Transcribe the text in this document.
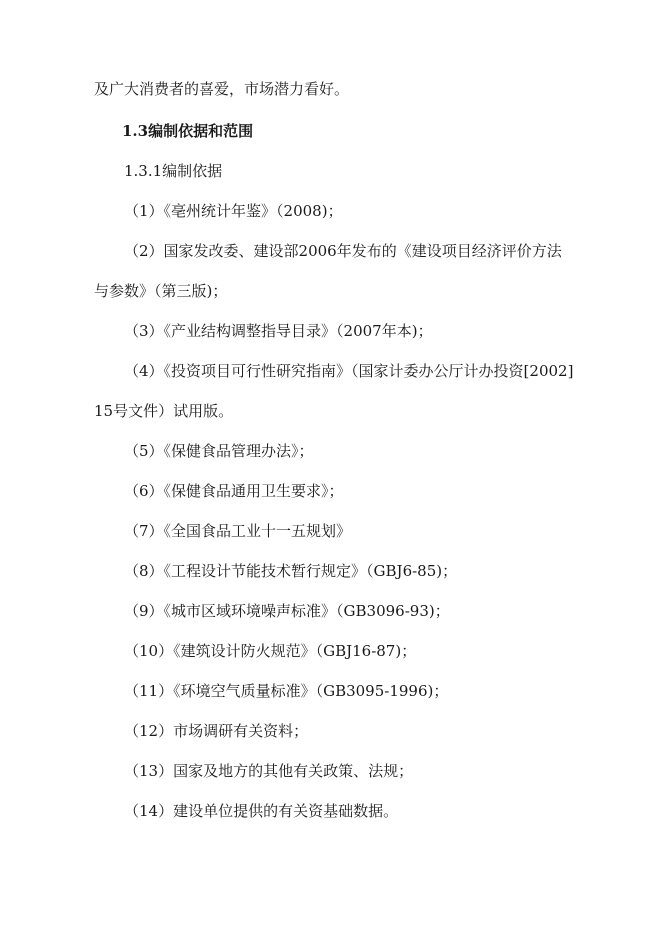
及广大消费者的喜爱，市场潜力看好。
1.3编制依据和范围
1.3.1编制依据
（1）《亳州统计年鉴》（2008)；
（2）国家发改委、建设部2006年发布的《建设项目经济评价方法
与参数》（第三版)；
（3）《产业结构调整指导目录》（2007年本)；
（4）《投资项目可行性研究指南》（国家计委办公厅计办投资[2002]
15号文件）试用版。
（5）《保健食品管理办法》；
（6）《保健食品通用卫生要求》；
（7）《全国食品工业十一五规划》
（8）《工程设计节能技术暂行规定》（GBJ6-85)；
（9）《城市区域环境噪声标准》（GB3096-93)；
（10）《建筑设计防火规范》（GBJ16-87)；
（11）《环境空气质量标准》（GB3095-1996)；
（12）市场调研有关资料；
（13）国家及地方的其他有关政策、法规；
（14）建设单位提供的有关资基础数据。
